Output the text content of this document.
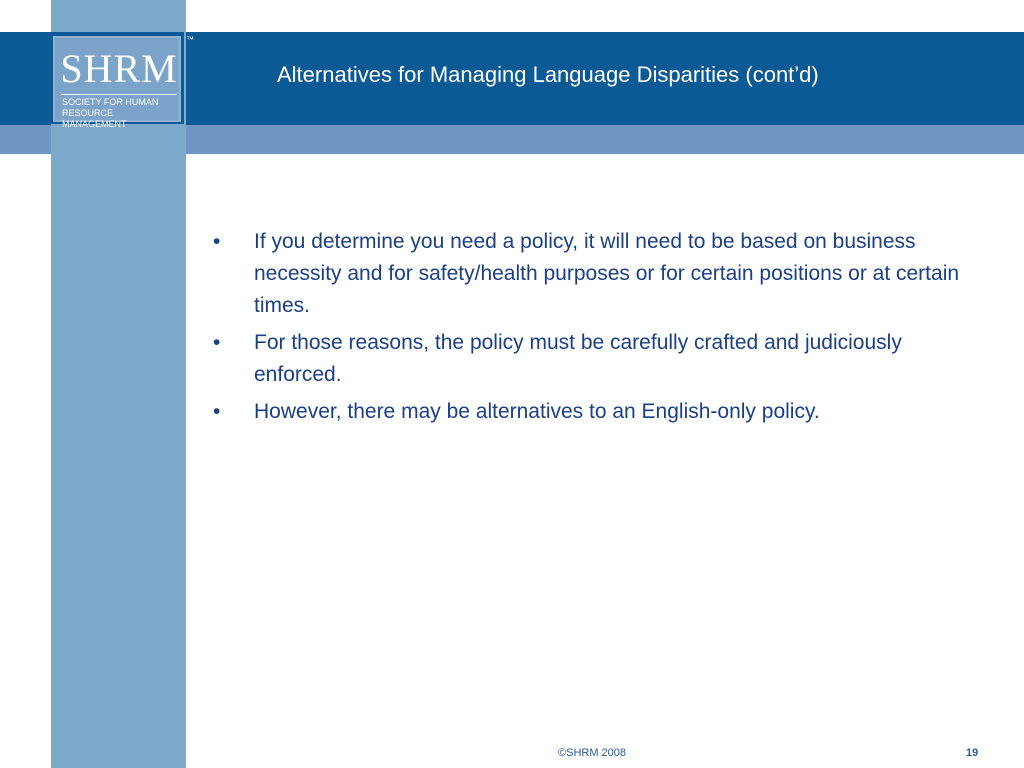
SHRM
SOCIETY FOR HUMAN RESOURCE MANAGEMENT
™
Alternatives for Managing Language Disparities (cont’d)
•	If you determine you need a policy, it will need to be based on business necessity and for safety/health purposes or for certain positions or at certain times.
•	For those reasons, the policy must be carefully crafted and judiciously enforced.
•	However, there may be alternatives to an English-only policy.
©SHRM 2008	19
